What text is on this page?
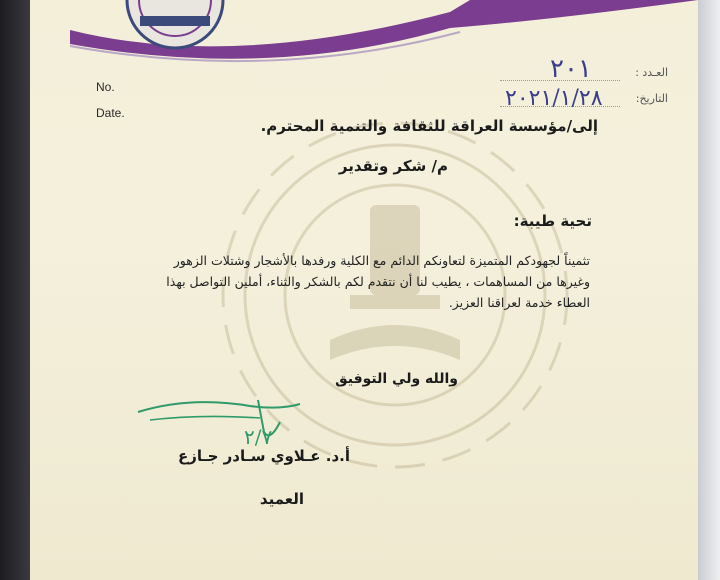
No.
Date.
العـدد :
التاريخ:
٢٠١
٢٠٢١/١/٢٨
إلى/مؤسسة العراقة للثقافة والتنمية المحترم.
م/ شكر وتقدير
تحية طيبة:
تثميناً لجهودكم المتميزة لتعاونكم الدائم مع الكلية ورفدها بالأشجار وشتلات الزهور
وغيرها من المساهمات ، يطيب لنا أن نتقدم لكم بالشكر والثناء، أملين التواصل بهذا
العطاء خدمة لعراقنا العزيز.
والله ولي التوفيق
٢/٧
أ.د. عـلاوي سـادر جـازع
العميد
